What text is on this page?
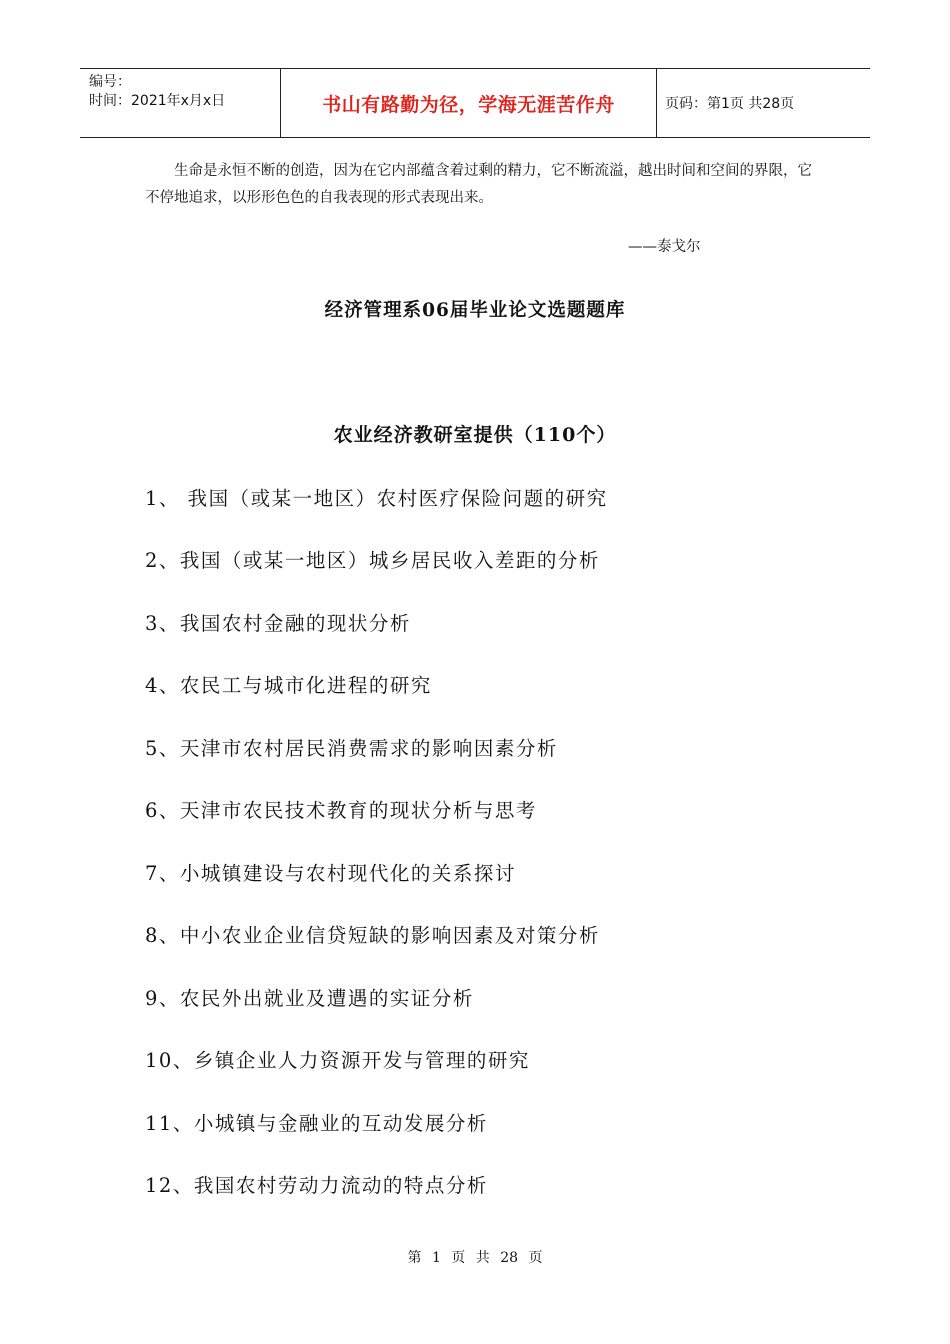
编号：
时间：2021年x月x日	书山有路勤为径，学海无涯苦作舟	页码：第1页 共28页

生命是永恒不断的创造，因为在它内部蕴含着过剩的精力，它不断流溢，越出时间和空间的界限，它不停地追求，以形形色色的自我表现的形式表现出来。

——泰戈尔
经济管理系06届毕业论文选题题库
农业经济教研室提供（110个）

1、 我国（或某一地区）农村医疗保险问题的研究

2、我国（或某一地区）城乡居民收入差距的分析

3、我国农村金融的现状分析

4、农民工与城市化进程的研究

5、天津市农村居民消费需求的影响因素分析

6、天津市农民技术教育的现状分析与思考

7、小城镇建设与农村现代化的关系探讨

8、中小农业企业信贷短缺的影响因素及对策分析

9、农民外出就业及遭遇的实证分析

10、乡镇企业人力资源开发与管理的研究

11、小城镇与金融业的互动发展分析

12、我国农村劳动力流动的特点分析

第 1 页 共 28 页
